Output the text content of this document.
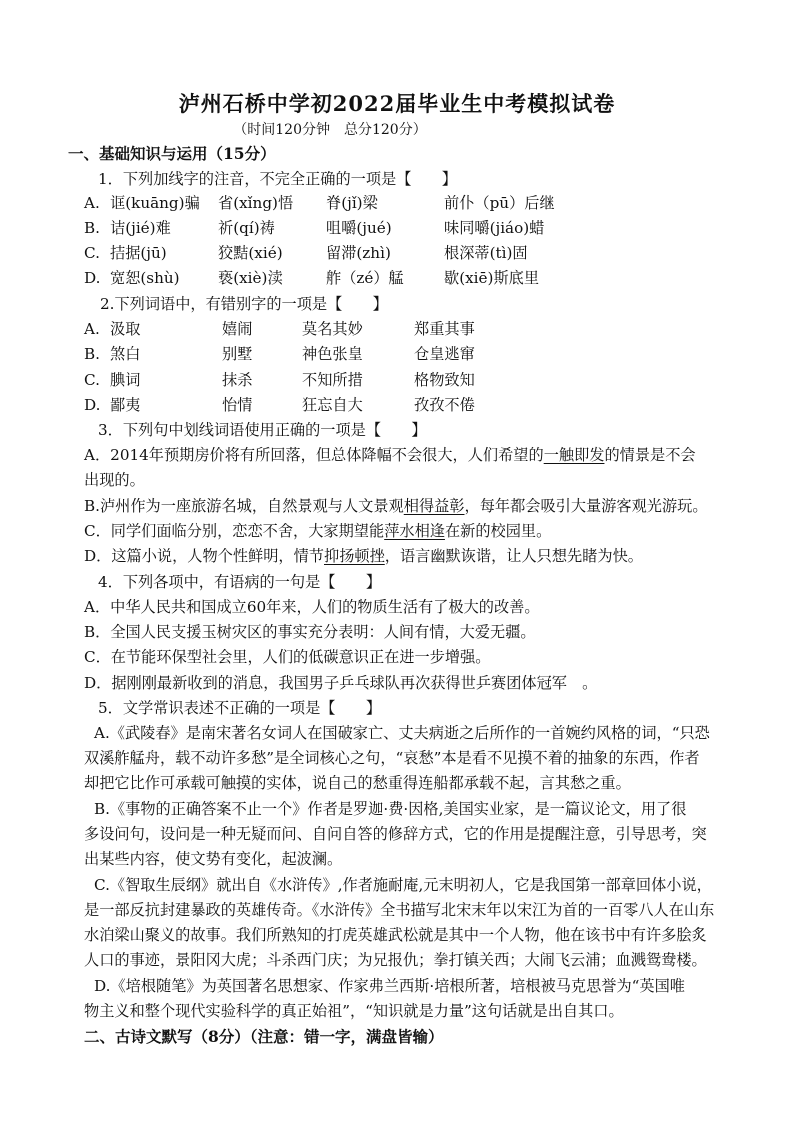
泸州石桥中学初2022届毕业生中考模拟试卷
（时间120分钟　总分120分）
一、基础知识与运用（15分）
1．下列加线字的注音，不完全正确的一项是【　　】
A. 诓(kuāng)骗 省(xǐng)悟 脊(jǐ)梁	前仆（pū）后继
B. 诘(jié)难	祈(qí)祷	咀嚼(jué)	味同嚼(jiáo)蜡
C. 拮据(jū)	狡黠(xié)	留滞(zhì)	根深蒂(tì)固
D. 宽恕(shù)	亵(xiè)渎	舴（zé）艋	歇(xiē)斯底里
2.下列词语中，有错别字的一项是【　　】
A. 汲取	嬉闹	莫名其妙	郑重其事
B. 煞白	别墅	神色张皇	仓皇逃窜
C. 腆词	抹杀	不知所措	格物致知
D. 鄙夷	怡情	狂忘自大	孜孜不倦
3．下列句中划线词语使用正确的一项是【　　】
A．2014年预期房价将有所回落，但总体降幅不会很大，人们希望的一触即发的情景是不会
出现的。
B.泸州作为一座旅游名城，自然景观与人文景观相得益彰，每年都会吸引大量游客观光游玩。
C．同学们面临分别，恋恋不舍，大家期望能萍水相逢在新的校园里。
D．这篇小说，人物个性鲜明，情节抑扬顿挫，语言幽默诙谐，让人只想先睹为快。
4．下列各项中，有语病的一句是【　　】
A．中华人民共和国成立60年来，人们的物质生活有了极大的改善。
B．全国人民支援玉树灾区的事实充分表明：人间有情，大爱无疆。
C．在节能环保型社会里，人们的低碳意识正在进一步增强。
D．据刚刚最新收到的消息，我国男子乒乓球队再次获得世乒赛团体冠军　。
5．文学常识表述不正确的一项是【　　】
A.《武陵春》是南宋著名女词人在国破家亡、丈夫病逝之后所作的一首婉约风格的词，“只恐
双溪舴艋舟，载不动许多愁”是全词核心之句，“哀愁”本是看不见摸不着的抽象的东西，作者
却把它比作可承载可触摸的实体，说自己的愁重得连船都承载不起，言其愁之重。
B.《事物的正确答案不止一个》作者是罗迦·费·因格,美国实业家，是一篇议论文，用了很
多设问句，设问是一种无疑而问、自问自答的修辞方式，它的作用是提醒注意，引导思考，突
出某些内容，使文势有变化，起波澜。
C.《智取生辰纲》就出自《水浒传》,作者施耐庵,元末明初人，它是我国第一部章回体小说，
是一部反抗封建暴政的英雄传奇。《水浒传》全书描写北宋末年以宋江为首的一百零八人在山东
水泊梁山聚义的故事。我们所熟知的打虎英雄武松就是其中一个人物，他在该书中有许多脍炙
人口的事迹，景阳冈大虎；斗杀西门庆；为兄报仇；拳打镇关西；大闹飞云浦；血溅鸳鸯楼。
D.《培根随笔》为英国著名思想家、作家弗兰西斯·培根所著，培根被马克思誉为“英国唯
物主义和整个现代实验科学的真正始祖”，“知识就是力量”这句话就是出自其口。
二、古诗文默写（8分）（注意：错一字，满盘皆输）
